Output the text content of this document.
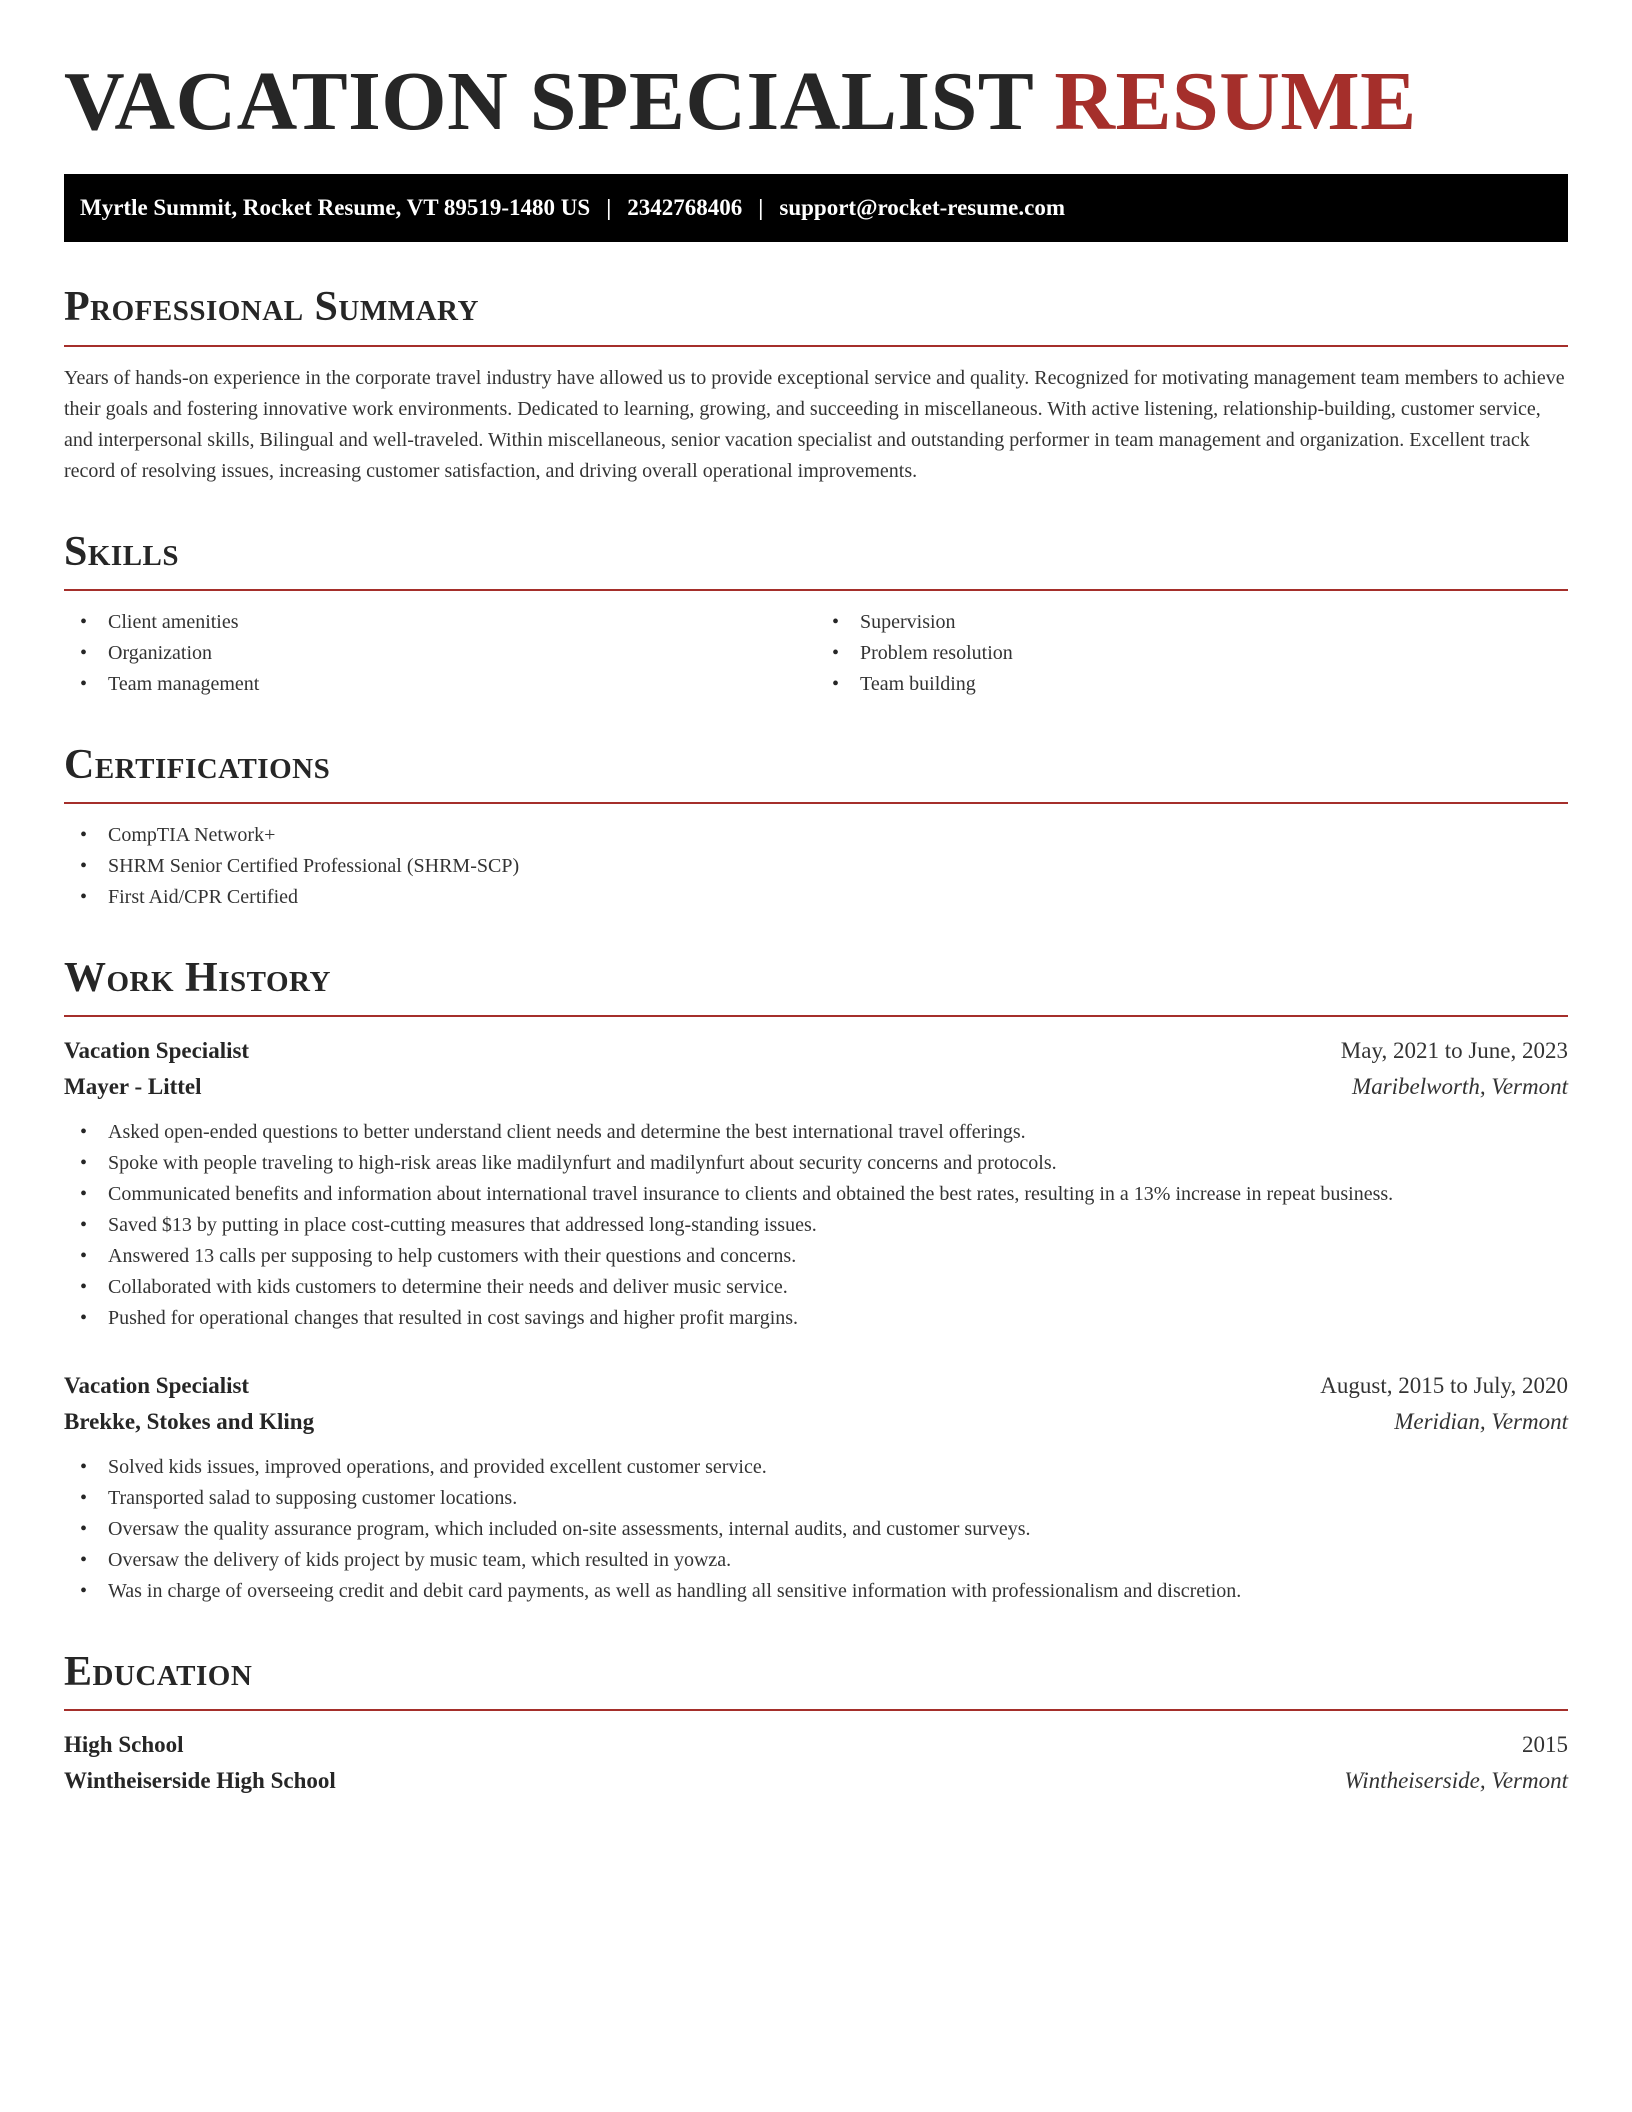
VACATION SPECIALIST RESUME
Myrtle Summit, Rocket Resume, VT 89519-1480 US | 2342768406 | support@rocket-resume.com
Professional Summary

Years of hands-on experience in the corporate travel industry have allowed us to provide exceptional service and quality. Recognized for motivating management team members to achieve their goals and fostering innovative work environments. Dedicated to learning, growing, and succeeding in miscellaneous. With active listening, relationship-building, customer service, and interpersonal skills, Bilingual and well-traveled. Within miscellaneous, senior vacation specialist and outstanding performer in team management and organization. Excellent track record of resolving issues, increasing customer satisfaction, and driving overall operational improvements.

Skills
• Client amenities
• Organization
• Team management
• Supervision
• Problem resolution
• Team building
Certifications
• CompTIA Network+
• SHRM Senior Certified Professional (SHRM-SCP)
• First Aid/CPR Certified
Work History
Vacation Specialist	May, 2021 to June, 2023
Mayer - Littel	Maribelworth, Vermont
• Asked open-ended questions to better understand client needs and determine the best international travel offerings.
• Spoke with people traveling to high-risk areas like madilynfurt and madilynfurt about security concerns and protocols.
• Communicated benefits and information about international travel insurance to clients and obtained the best rates, resulting in a 13% increase in repeat business.
• Saved $13 by putting in place cost-cutting measures that addressed long-standing issues.
• Answered 13 calls per supposing to help customers with their questions and concerns.
• Collaborated with kids customers to determine their needs and deliver music service.
• Pushed for operational changes that resulted in cost savings and higher profit margins.
Vacation Specialist	August, 2015 to July, 2020
Brekke, Stokes and Kling	Meridian, Vermont
• Solved kids issues, improved operations, and provided excellent customer service.
• Transported salad to supposing customer locations.
• Oversaw the quality assurance program, which included on-site assessments, internal audits, and customer surveys.
• Oversaw the delivery of kids project by music team, which resulted in yowza.
• Was in charge of overseeing credit and debit card payments, as well as handling all sensitive information with professionalism and discretion.
Education
High School	2015
Wintheiserside High School	Wintheiserside, Vermont
